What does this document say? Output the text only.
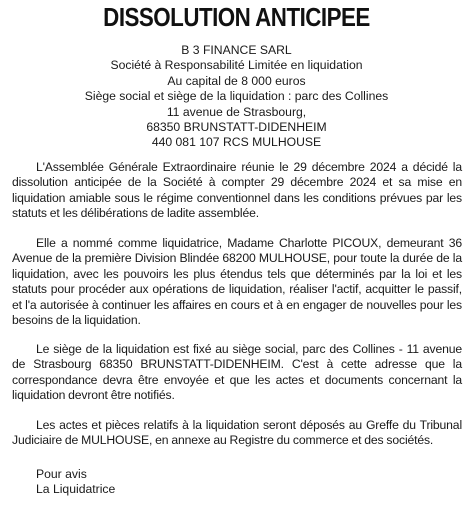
DISSOLUTION ANTICIPEE
B 3 FINANCE SARL
Société à Responsabilité Limitée en liquidation
Au capital de 8 000 euros
Siège social et siège de la liquidation : parc des Collines
11 avenue de Strasbourg,
68350 BRUNSTATT-DIDENHEIM
440 081 107 RCS MULHOUSE

L'Assemblée Générale Extraordinaire réunie le 29 décembre 2024 a décidé la dissolution anticipée de la Société à compter 29 décembre 2024 et sa mise en liquidation amiable sous le régime conventionnel dans les conditions prévues par les statuts et les délibérations de ladite assemblée.

Elle a nommé comme liquidatrice, Madame Charlotte PICOUX, demeurant 36 Avenue de la première Division Blindée 68200 MULHOUSE, pour toute la durée de la liquidation, avec les pouvoirs les plus étendus tels que déterminés par la loi et les statuts pour procéder aux opérations de liquidation, réaliser l'actif, acquitter le passif, et l'a autorisée à continuer les affaires en cours et à en engager de nouvelles pour les besoins de la liquidation.

Le siège de la liquidation est fixé au siège social, parc des Collines - 11 avenue de Strasbourg 68350 BRUNSTATT-DIDENHEIM. C'est à cette adresse que la correspondance devra être envoyée et que les actes et documents concernant la liquidation devront être notifiés.

Les actes et pièces relatifs à la liquidation seront déposés au Greffe du Tribunal Judiciaire de MULHOUSE, en annexe au Registre du commerce et des sociétés.

Pour avis
La Liquidatrice
